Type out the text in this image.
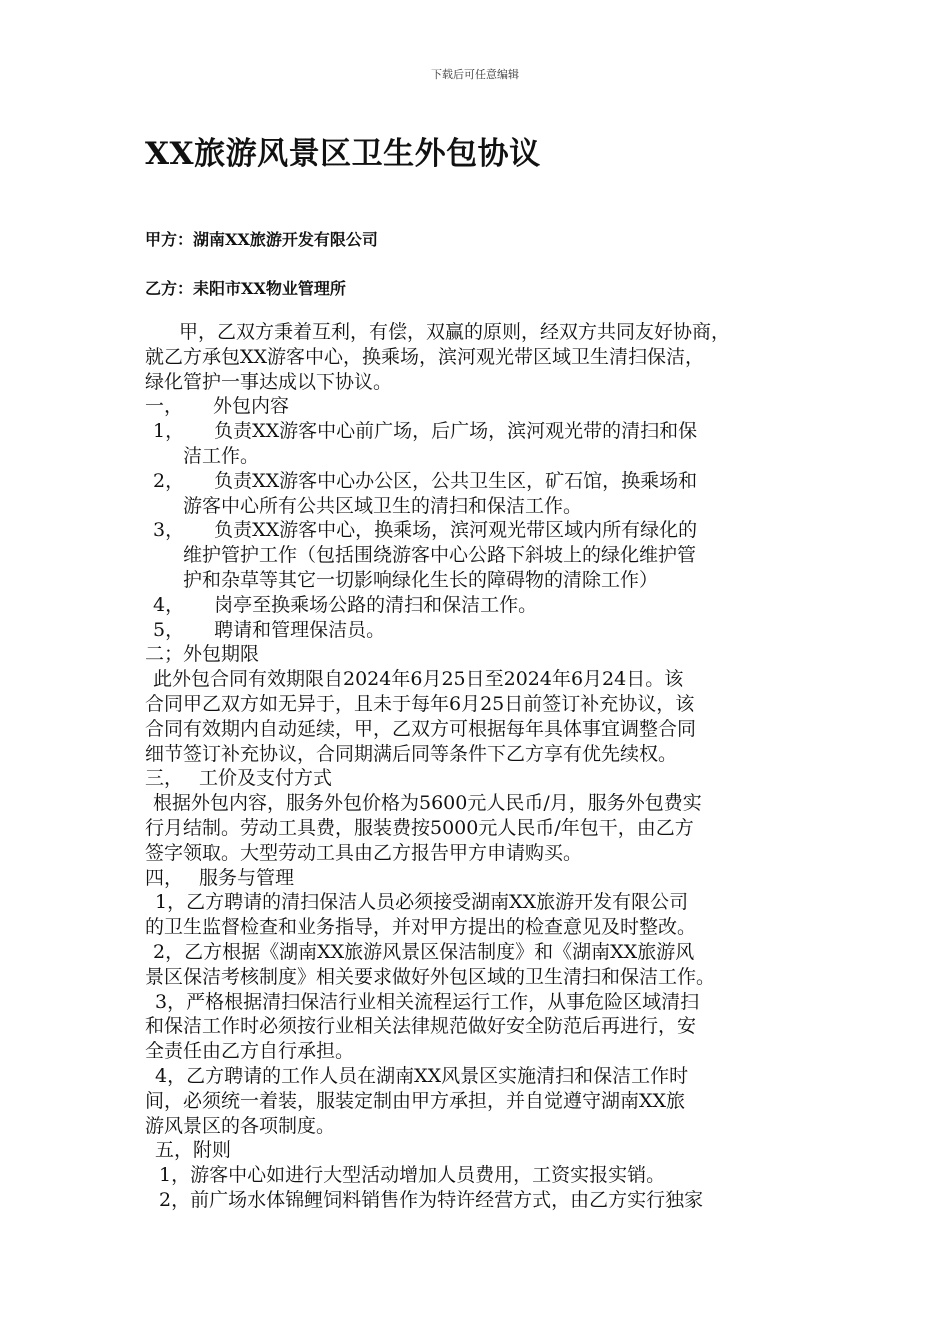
下载后可任意编辑
XX旅游风景区卫生外包协议
甲方：湖南XX旅游开发有限公司
乙方：耒阳市XX物业管理所
甲，乙双方秉着互利，有偿，双赢的原则，经双方共同友好协商，
就乙方承包XX游客中心，换乘场，滨河观光带区域卫生清扫保洁，
绿化管护一事达成以下协议。
一， 外包内容
1， 负责XX游客中心前广场，后广场，滨河观光带的清扫和保
洁工作。
2， 负责XX游客中心办公区，公共卫生区，矿石馆，换乘场和
游客中心所有公共区域卫生的清扫和保洁工作。
3， 负责XX游客中心，换乘场，滨河观光带区域内所有绿化的
维护管护工作（包括围绕游客中心公路下斜坡上的绿化维护管
护和杂草等其它一切影响绿化生长的障碍物的清除工作）
4， 岗亭至换乘场公路的清扫和保洁工作。
5， 聘请和管理保洁员。
二；外包期限
此外包合同有效期限自2024年6月25日至2024年6月24日。该
合同甲乙双方如无异于，且未于每年6月25日前签订补充协议，该
合同有效期内自动延续，甲，乙双方可根据每年具体事宜调整合同
细节签订补充协议，合同期满后同等条件下乙方享有优先续权。
三， 工价及支付方式
根据外包内容，服务外包价格为5600元人民币/月，服务外包费实
行月结制。劳动工具费，服装费按5000元人民币/年包干，由乙方
签字领取。大型劳动工具由乙方报告甲方申请购买。
四， 服务与管理
1，乙方聘请的清扫保洁人员必须接受湖南XX旅游开发有限公司
的卫生监督检查和业务指导，并对甲方提出的检查意见及时整改。
2，乙方根据《湖南XX旅游风景区保洁制度》和《湖南XX旅游风
景区保洁考核制度》相关要求做好外包区域的卫生清扫和保洁工作。
3，严格根据清扫保洁行业相关流程运行工作，从事危险区域清扫
和保洁工作时必须按行业相关法律规范做好安全防范后再进行，安
全责任由乙方自行承担。
4，乙方聘请的工作人员在湖南XX风景区实施清扫和保洁工作时
间，必须统一着装，服装定制由甲方承担，并自觉遵守湖南XX旅
游风景区的各项制度。
五，附则
1，游客中心如进行大型活动增加人员费用，工资实报实销。
2，前广场水体锦鲤饲料销售作为特许经营方式，由乙方实行独家
